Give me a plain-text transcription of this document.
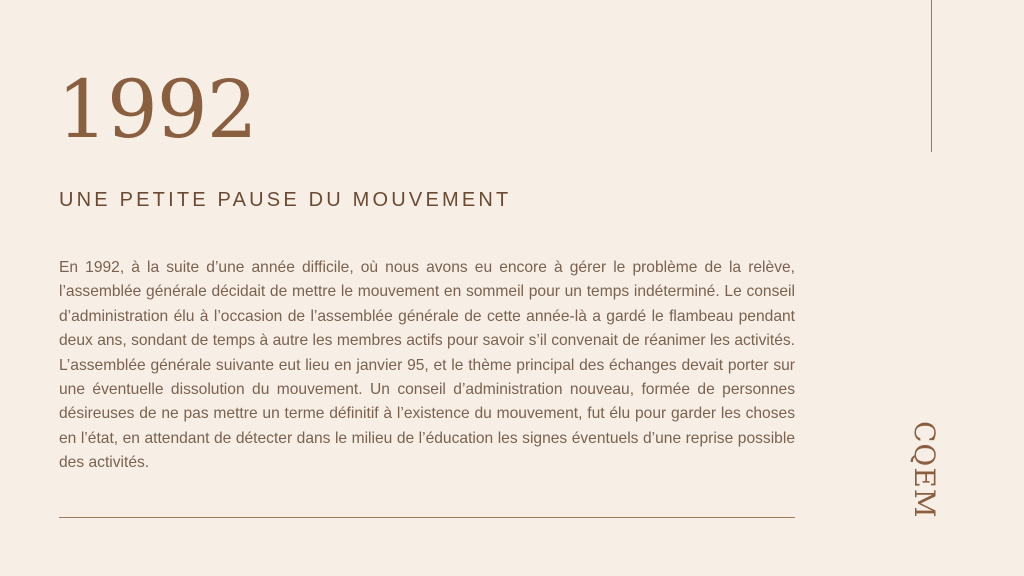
1992
UNE PETITE PAUSE DU MOUVEMENT

En 1992, à la suite d’une année difficile, où nous avons eu encore à gérer le problème de la relève, l’assemblée générale décidait de mettre le mouvement en sommeil pour un temps indéterminé. Le conseil d’administration élu à l’occasion de l’assemblée générale de cette année-là a gardé le flambeau pendant deux ans, sondant de temps à autre les membres actifs pour savoir s’il convenait de réanimer les activités. L’assemblée générale suivante eut lieu en janvier 95, et le thème principal des échanges devait porter sur une éventuelle dissolution du mouvement. Un conseil d’administration nouveau, formée de personnes désireuses de ne pas mettre un terme définitif à l’existence du mouvement, fut élu pour garder les choses en l’état, en attendant de détecter dans le milieu de l’éducation les signes éventuels d’une reprise possible des activités.	CQEM
